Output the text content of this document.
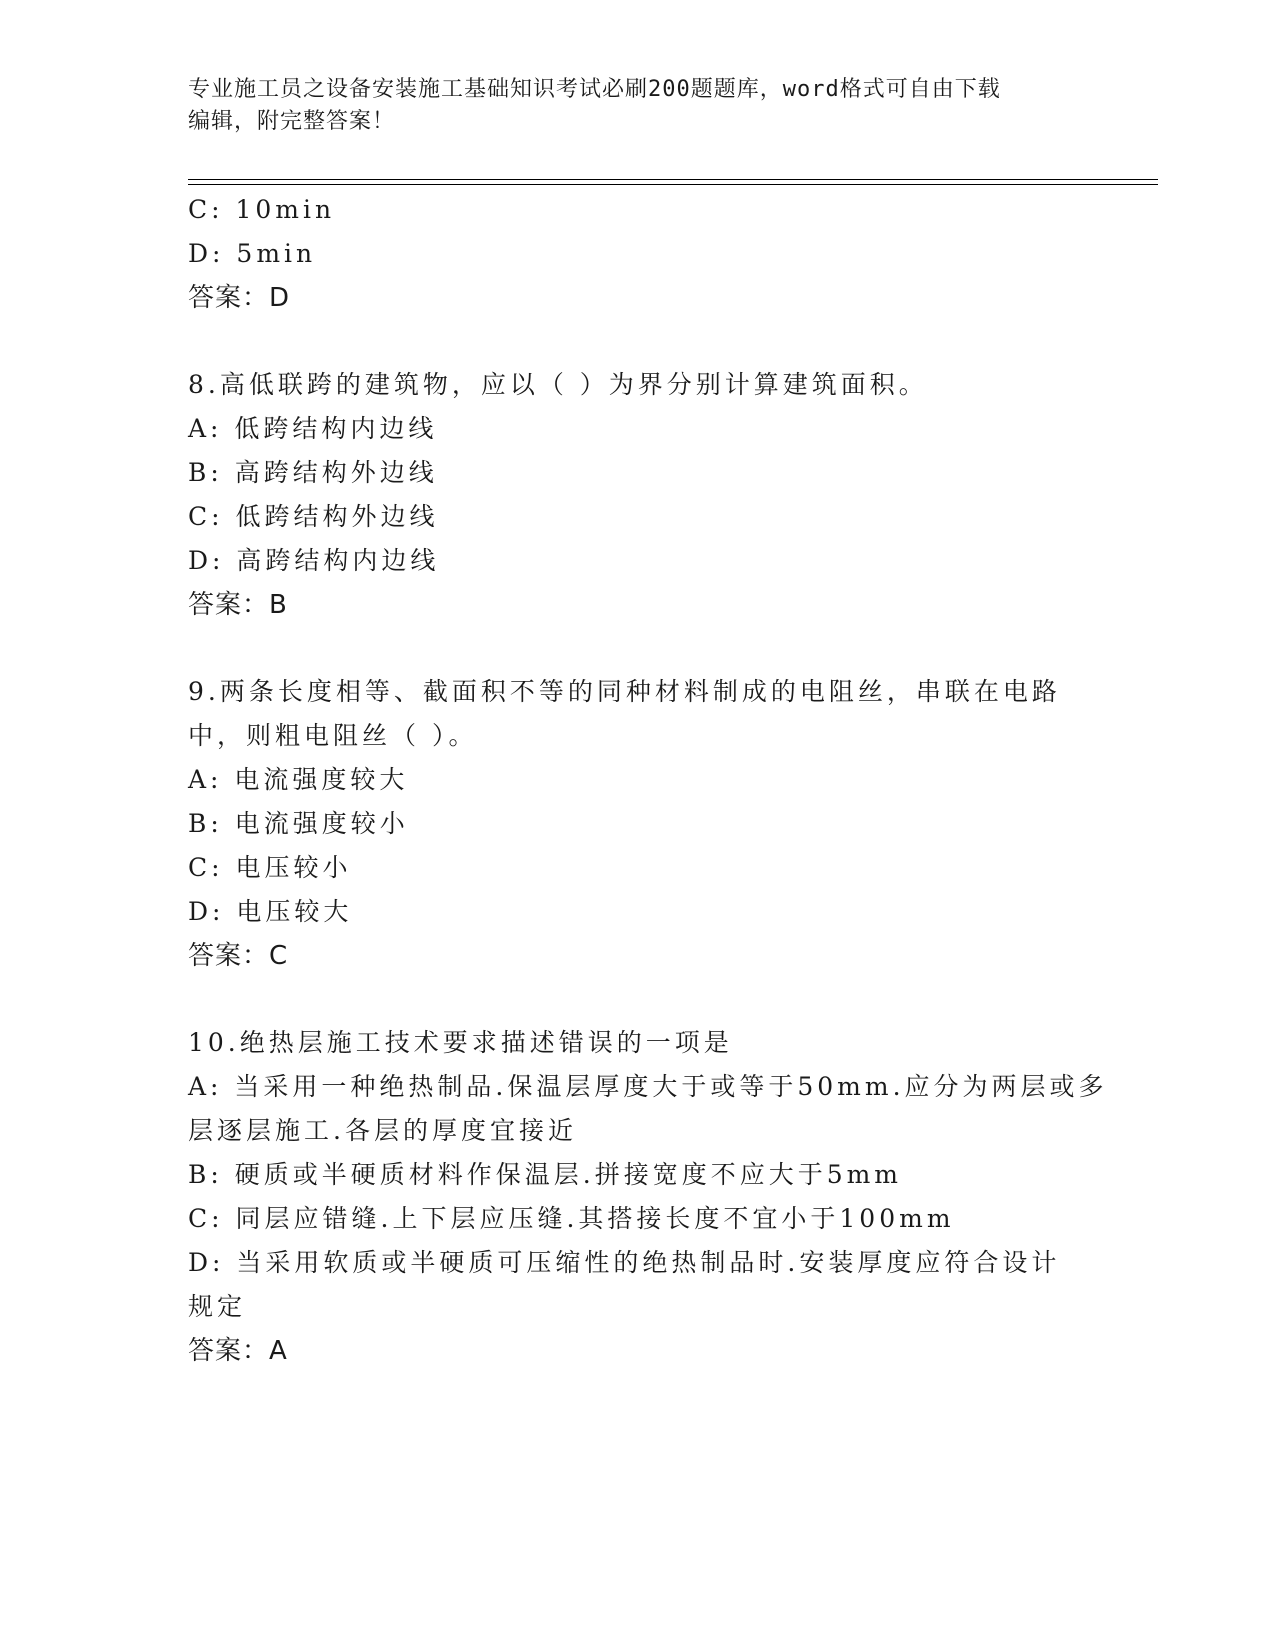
专业施工员之设备安装施工基础知识考试必刷200题题库，word格式可自由下载
编辑，附完整答案！
C: 10min
D: 5min
答案：D
8.高低联跨的建筑物，应以（ ）为界分别计算建筑面积。
A: 低跨结构内边线
B: 高跨结构外边线
C: 低跨结构外边线
D: 高跨结构内边线
答案：B
9.两条长度相等、截面积不等的同种材料制成的电阻丝，串联在电路
中，则粗电阻丝（ ）。
A: 电流强度较大
B: 电流强度较小
C: 电压较小
D: 电压较大
答案：C
10.绝热层施工技术要求描述错误的一项是
A: 当采用一种绝热制品.保温层厚度大于或等于50mm.应分为两层或多
层逐层施工.各层的厚度宜接近
B: 硬质或半硬质材料作保温层.拼接宽度不应大于5mm
C: 同层应错缝.上下层应压缝.其搭接长度不宜小于100mm
D: 当采用软质或半硬质可压缩性的绝热制品时.安装厚度应符合设计
规定
答案：A
